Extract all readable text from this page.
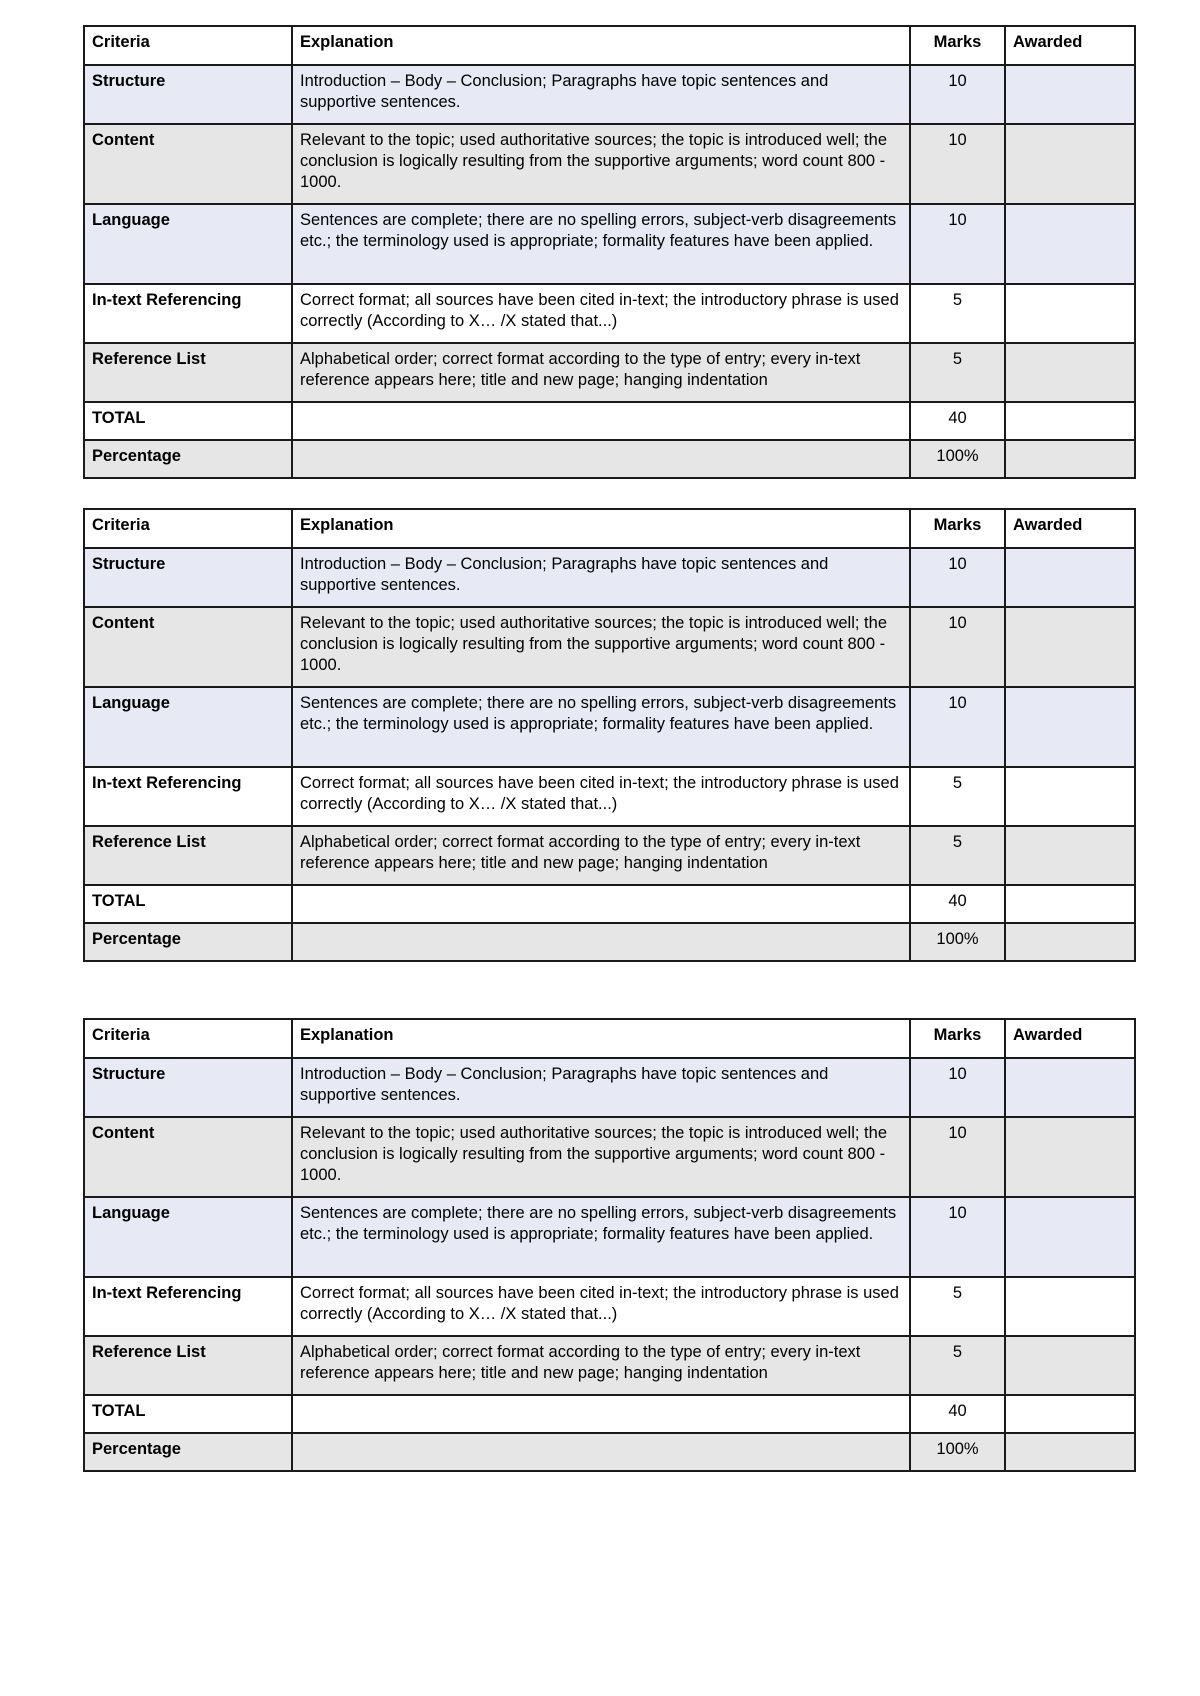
Criteria	Explanation	Marks	Awarded
Structure	Introduction – Body – Conclusion; Paragraphs have topic sentences and supportive sentences.	10	
Content	Relevant to the topic; used authoritative sources; the topic is introduced well; the conclusion is logically resulting from the supportive arguments; word count 800 - 1000.	10	
Language	Sentences are complete; there are no spelling errors, subject-verb disagreements etc.; the terminology used is appropriate; formality features have been applied.	10	
In-text Referencing	Correct format; all sources have been cited in-text; the introductory phrase is used correctly (According to X… /X stated that...)	5	
Reference List	Alphabetical order; correct format according to the type of entry; every in-text reference appears here; title and new page; hanging indentation	5	
TOTAL		40	
Percentage		100%	
Criteria	Explanation	Marks	Awarded
Structure	Introduction – Body – Conclusion; Paragraphs have topic sentences and supportive sentences.	10	
Content	Relevant to the topic; used authoritative sources; the topic is introduced well; the conclusion is logically resulting from the supportive arguments; word count 800 - 1000.	10	
Language	Sentences are complete; there are no spelling errors, subject-verb disagreements etc.; the terminology used is appropriate; formality features have been applied.	10	
In-text Referencing	Correct format; all sources have been cited in-text; the introductory phrase is used correctly (According to X… /X stated that...)	5	
Reference List	Alphabetical order; correct format according to the type of entry; every in-text reference appears here; title and new page; hanging indentation	5	
TOTAL		40	
Percentage		100%	
Criteria	Explanation	Marks	Awarded
Structure	Introduction – Body – Conclusion; Paragraphs have topic sentences and supportive sentences.	10	
Content	Relevant to the topic; used authoritative sources; the topic is introduced well; the conclusion is logically resulting from the supportive arguments; word count 800 - 1000.	10	
Language	Sentences are complete; there are no spelling errors, subject-verb disagreements etc.; the terminology used is appropriate; formality features have been applied.	10	
In-text Referencing	Correct format; all sources have been cited in-text; the introductory phrase is used correctly (According to X… /X stated that...)	5	
Reference List	Alphabetical order; correct format according to the type of entry; every in-text reference appears here; title and new page; hanging indentation	5	
TOTAL		40	
Percentage		100%	
